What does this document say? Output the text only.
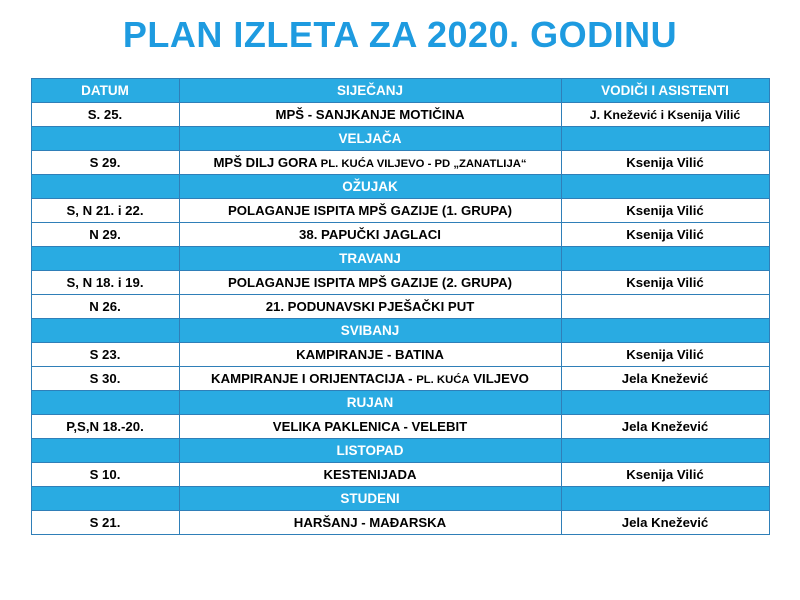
PLAN IZLETA ZA 2020. GODINU
DATUM	SIJEČANJ	VODIČI I ASISTENTI
S. 25.	MPŠ - SANJKANJE MOTIČINA	J. Knežević i Ksenija Vilić
	VELJAČA	
S 29.	MPŠ DILJ GORA PL. KUĆA VILJEVO - PD „ZANATLIJA“	Ksenija Vilić
	OŽUJAK	
S, N 21. i 22.	POLAGANJE ISPITA MPŠ GAZIJE (1. GRUPA)	Ksenija Vilić
N 29.	38. PAPUČKI JAGLACI	Ksenija Vilić
	TRAVANJ	
S, N 18. i 19.	POLAGANJE ISPITA MPŠ GAZIJE (2. GRUPA)	Ksenija Vilić
N 26.	21. PODUNAVSKI PJEŠAČKI PUT	
	SVIBANJ	
S 23.	KAMPIRANJE - BATINA	Ksenija Vilić
S 30.	KAMPIRANJE I ORIJENTACIJA - PL. KUĆA VILJEVO	Jela Knežević
	RUJAN	
P,S,N 18.-20.	VELIKA PAKLENICA - VELEBIT	Jela Knežević
	LISTOPAD	
S 10.	KESTENIJADA	Ksenija Vilić
	STUDENI	
S 21.	HARŠANJ - MAĐARSKA	Jela Knežević
